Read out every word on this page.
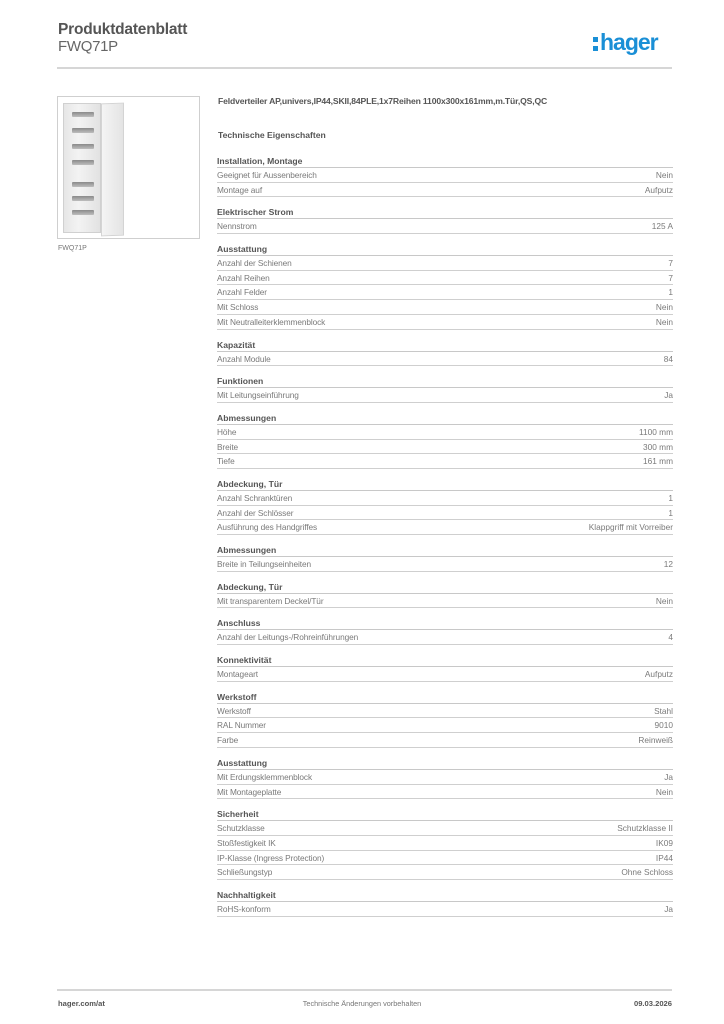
Produktdatenblatt
FWQ71P	hager
FWQ71P
Feldverteiler AP,univers,IP44,SKII,84PLE,1x7Reihen 1100x300x161mm,m.Tür,QS,QC
Technische Eigenschaften
Installation, Montage
Geeignet für Aussenbereich	Nein
Montage auf	Aufputz
Elektrischer Strom
Nennstrom	125 A
Ausstattung
Anzahl der Schienen	7
Anzahl Reihen	7
Anzahl Felder	1
Mit Schloss	Nein
Mit Neutralleiterklemmenblock	Nein
Kapazität
Anzahl Module	84
Funktionen
Mit Leitungseinführung	Ja
Abmessungen
Höhe	1100 mm
Breite	300 mm
Tiefe	161 mm
Abdeckung, Tür
Anzahl Schranktüren	1
Anzahl der Schlösser	1
Ausführung des Handgriffes	Klappgriff mit Vorreiber
Abmessungen
Breite in Teilungseinheiten	12
Abdeckung, Tür
Mit transparentem Deckel/Tür	Nein
Anschluss
Anzahl der Leitungs-/Rohreinführungen	4
Konnektivität
Montageart	Aufputz
Werkstoff
Werkstoff	Stahl
RAL Nummer	9010
Farbe	Reinweiß
Ausstattung
Mit Erdungsklemmenblock	Ja
Mit Montageplatte	Nein
Sicherheit
Schutzklasse	Schutzklasse II
Stoßfestigkeit IK	IK09
IP-Klasse (Ingress Protection)	IP44
Schließungstyp	Ohne Schloss
Nachhaltigkeit
RoHS-konform	Ja
hager.com/at	Technische Änderungen vorbehalten	09.03.2026
